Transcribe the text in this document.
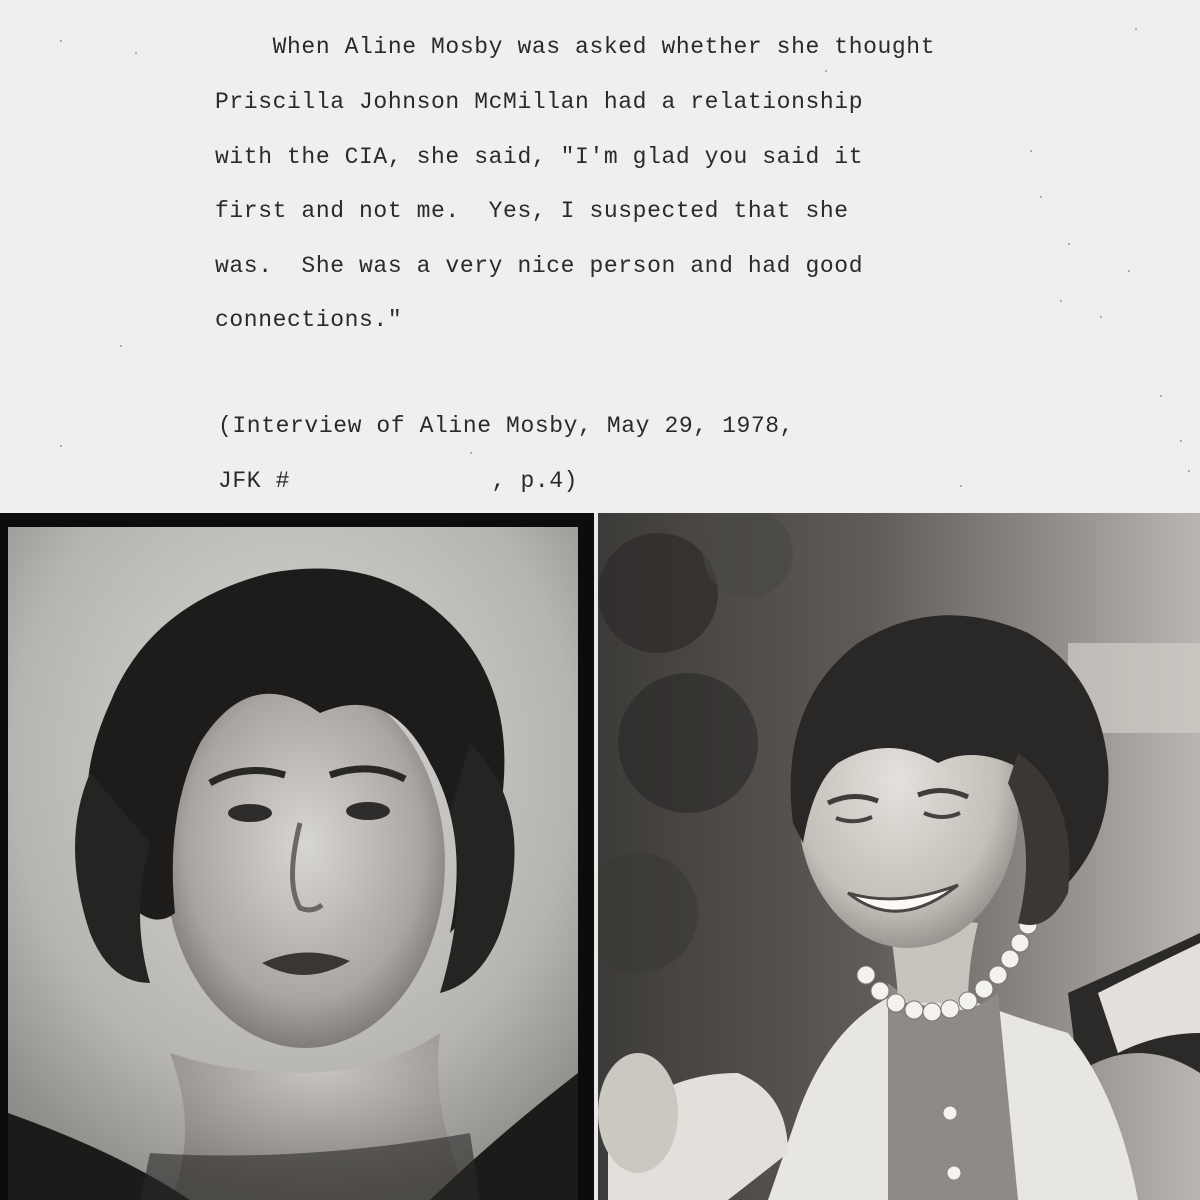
When Aline Mosby was asked whether she thought
Priscilla Johnson McMillan had a relationship
with the CIA, she said, "I'm glad you said it
first and not me.  Yes, I suspected that she
was.  She was a very nice person and had good
connections."
(Interview of Aline Mosby, May 29, 1978,
JFK #              , p.4)
